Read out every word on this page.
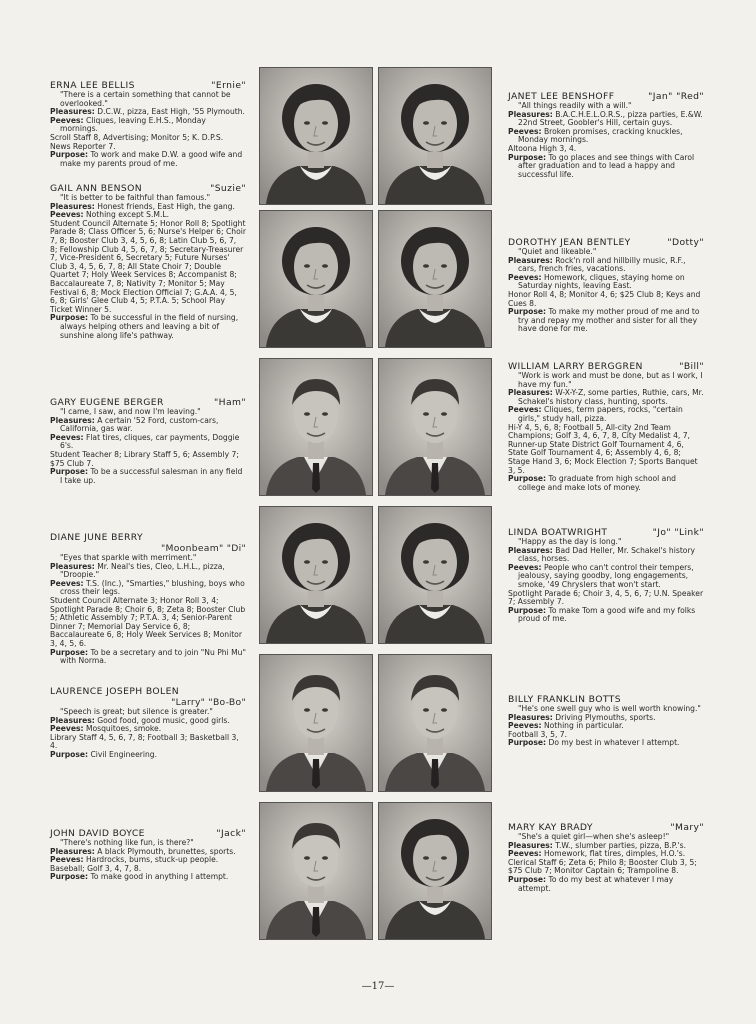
ERNA LEE BELLIS	"Ernie"
"There is a certain something that cannot be overlooked."
Pleasures: D.C.W., pizza, East High, '55 Plymouth.
Peeves: Cliques, leaving E.H.S., Monday mornings.
Scroll Staff 8, Advertising; Monitor 5; K. D.P.S. News Reporter 7.
Purpose: To work and make D.W. a good wife and make my parents proud of me.
GAIL ANN BENSON	"Suzie"
"It is better to be faithful than famous."
Pleasures: Honest friends, East High, the gang.
Peeves: Nothing except S.M.L.
Student Council Alternate 5; Honor Roll 8; Spotlight Parade 8; Class Officer 5, 6; Nurse's Helper 6; Choir 7, 8; Booster Club 3, 4, 5, 6, 8; Latin Club 5, 6, 7, 8; Fellowship Club 4, 5, 6, 7, 8; Secretary-Treasurer 7, Vice-President 6, Secretary 5; Future Nurses' Club 3, 4, 5, 6, 7, 8; All State Choir 7; Double Quartet 7; Holy Week Services 8; Accompanist 8; Baccalaureate 7, 8; Nativity 7; Monitor 5; May Festival 6, 8; Mock Election Official 7; G.A.A. 4, 5, 6, 8; Girls' Glee Club 4, 5; P.T.A. 5; School Play Ticket Winner 5.
Purpose: To be successful in the field of nursing, always helping others and leaving a bit of sunshine along life's pathway.
GARY EUGENE BERGER	"Ham"
"I came, I saw, and now I'm leaving."
Pleasures: A certain '52 Ford, custom-cars, California, gas war.
Peeves: Flat tires, cliques, car payments, Doggie 6's.
Student Teacher 8; Library Staff 5, 6; Assembly 7; $75 Club 7.
Purpose: To be a successful salesman in any field I take up.
DIANE JUNE BERRY
"Moonbeam" "Di"
"Eyes that sparkle with merriment."
Pleasures: Mr. Neal's ties, Cleo, L.H.L., pizza, "Droopie."
Peeves: T.S. (Inc.), "Smarties," blushing, boys who cross their legs.
Student Council Alternate 3; Honor Roll 3, 4; Spotlight Parade 8; Choir 6, 8; Zeta 8; Booster Club 5; Athletic Assembly 7; P.T.A. 3, 4; Senior-Parent Dinner 7; Memorial Day Service 6, 8; Baccalaureate 6, 8; Holy Week Services 8; Monitor 3, 4, 5, 6.
Purpose: To be a secretary and to join "Nu Phi Mu" with Norma.
LAURENCE JOSEPH BOLEN
"Larry" "Bo-Bo"
"Speech is great; but silence is greater."
Pleasures: Good food, good music, good girls.
Peeves: Mosquitoes, smoke.
Library Staff 4, 5, 6, 7, 8; Football 3; Basketball 3, 4.
Purpose: Civil Engineering.
JOHN DAVID BOYCE	"Jack"
"There's nothing like fun, is there?"
Pleasures: A black Plymouth, brunettes, sports.
Peeves: Hardrocks, bums, stuck-up people.
Baseball; Golf 3, 4, 7, 8.
Purpose: To make good in anything I attempt.
JANET LEE BENSHOFF	"Jan" "Red"
"All things readily with a will."
Pleasures: B.A.C.H.E.L.O.R.S., pizza parties, E.&W. 22nd Street, Goobler's Hill, certain guys.
Peeves: Broken promises, cracking knuckles, Monday mornings.
Altoona High 3, 4.
Purpose: To go places and see things with Carol after graduation and to lead a happy and successful life.
DOROTHY JEAN BENTLEY	"Dotty"
"Quiet and likeable."
Pleasures: Rock'n roll and hillbilly music, R.F., cars, french fries, vacations.
Peeves: Homework, cliques, staying home on Saturday nights, leaving East.
Honor Roll 4, 8; Monitor 4, 6; $25 Club 8; Keys and Cues 8.
Purpose: To make my mother proud of me and to try and repay my mother and sister for all they have done for me.
WILLIAM LARRY BERGGREN	"Bill"
"Work is work and must be done, but as I work, I have my fun."
Pleasures: W-X-Y-Z, some parties, Ruthie, cars, Mr. Schakel's history class, hunting, sports.
Peeves: Cliques, term papers, rocks, "certain girls," study hall, pizza.
Hi-Y 4, 5, 6, 8; Football 5, All-city 2nd Team Champions; Golf 3, 4, 6, 7, 8, City Medalist 4, 7, Runner-up State District Golf Tournament 4, 6, State Golf Tournament 4, 6; Assembly 4, 6, 8; Stage Hand 3, 6; Mock Election 7; Sports Banquet 3, 5.
Purpose: To graduate from high school and college and make lots of money.
LINDA BOATWRIGHT	"Jo" "Link"
"Happy as the day is long."
Pleasures: Bad Dad Heller, Mr. Schakel's history class, horses.
Peeves: People who can't control their tempers, jealousy, saying goodby, long engagements, smoke, '49 Chryslers that won't start.
Spotlight Parade 6; Choir 3, 4, 5, 6, 7; U.N. Speaker 7; Assembly 7.
Purpose: To make Tom a good wife and my folks proud of me.
BILLY FRANKLIN BOTTS
"He's one swell guy who is well worth knowing."
Pleasures: Driving Plymouths, sports.
Peeves: Nothing in particular.
Football 3, 5, 7.
Purpose: Do my best in whatever I attempt.
MARY KAY BRADY	"Mary"
"She's a quiet girl—when she's asleep!"
Pleasures: T.W., slumber parties, pizza, B.P.'s.
Peeves: Homework, flat tires, dimples, H.O.'s.
Clerical Staff 6; Zeta 6; Philo 8; Booster Club 3, 5; $75 Club 7; Monitor Captain 6; Trampoline 8.
Purpose: To do my best at whatever I may attempt.
—17—
